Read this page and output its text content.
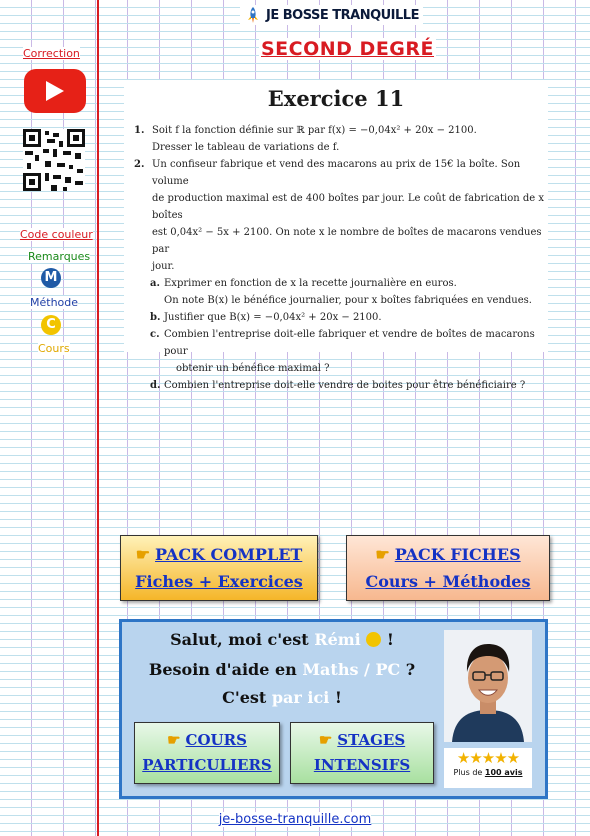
JE BOSSE TRANQUILLE
SECOND DEGRÉ
Correction
Code couleur
Remarques
M
Méthode
C
Cours
Exercice 11
1. Soit f la fonction définie sur ℝ par f(x) = −0,04x² + 20x − 2100.
Dresser le tableau de variations de f.
2. Un confiseur fabrique et vend des macarons au prix de 15€ la boîte. Son volume
de production maximal est de 400 boîtes par jour. Le coût de fabrication de x boîtes
est 0,04x² − 5x + 2100. On note x le nombre de boîtes de macarons vendues par
jour.
a. Exprimer en fonction de x la recette journalière en euros.
On note B(x) le bénéfice journalier, pour x boîtes fabriquées en vendues.
b. Justifier que B(x) = −0,04x² + 20x − 2100.
c. Combien l'entreprise doit-elle fabriquer et vendre de boîtes de macarons pour
obtenir un bénéfice maximal ?
d. Combien l'entreprise doit-elle vendre de boites pour être bénéficiaire ?
☛ PACK COMPLET
Fiches + Exercices
☛ PACK FICHES
Cours + Méthodes
Salut, moi c'est Rémi  !
Besoin d'aide en Maths / PC ?
C'est par ici !
☛ COURS
PARTICULIERS
☛ STAGES
INTENSIFS	★★★★★
Plus de 100 avis
je-bosse-tranquille.com
